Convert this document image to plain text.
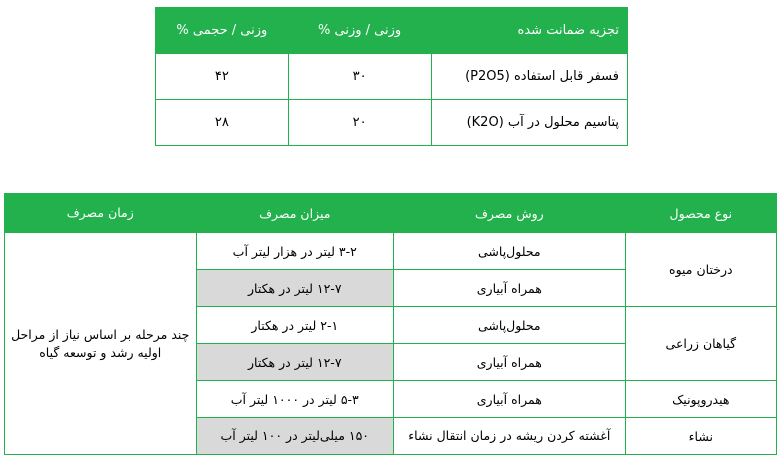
تجزیه ضمانت شده	وزنی / وزنی %	وزنی / حجمی %
فسفر قابل استفاده (P2O5)	۳۰	۴۲
پتاسیم محلول در آب (K2O)	۲۰	۲۸
نوع محصول	روش مصرف	میزان مصرف	زمان مصرف
درختان میوه	محلول‌پاشی	۳-۲ لیتر در هزار لیتر آب	چند مرحله بر اساس نیاز از مراحل اولیه رشد و توسعه گیاه
	همراه آبیاری	۱۲-۷ لیتر در هکتار	
گیاهان زراعی	محلول‌پاشی	۲-۱ لیتر در هکتار	
	همراه آبیاری	۱۲-۷ لیتر در هکتار	
هیدروپونیک	همراه آبیاری	۵-۳ لیتر در ۱۰۰۰ لیتر آب	
نشاء	آغشته کردن ریشه در زمان انتقال نشاء	۱۵۰ میلی‌لیتر در ۱۰۰ لیتر آب	
